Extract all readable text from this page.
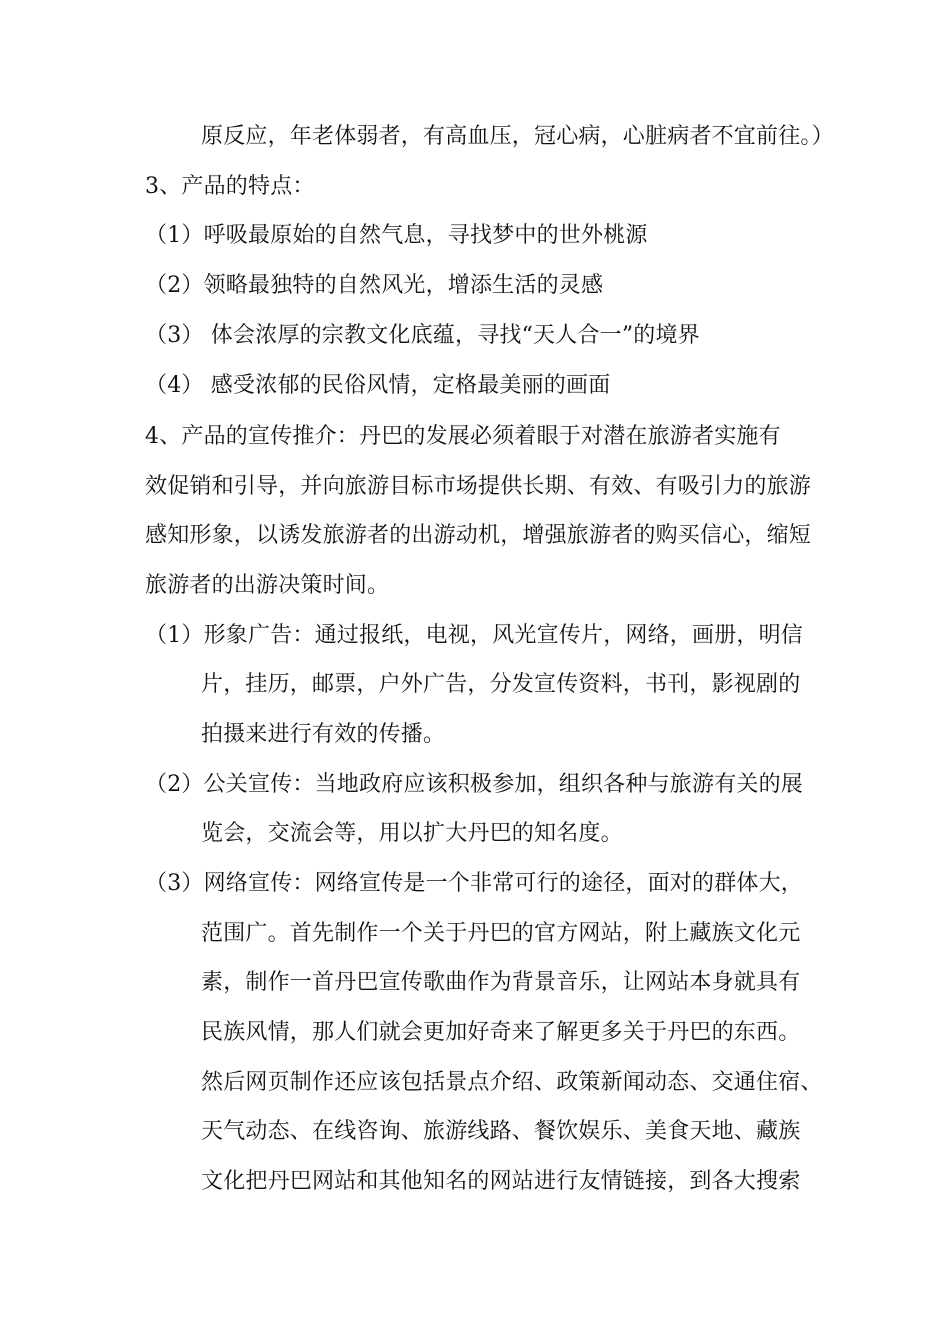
原反应，年老体弱者，有高血压，冠心病，心脏病者不宜前往。）
3、产品的特点：
（1）呼吸最原始的自然气息，寻找梦中的世外桃源
（2）领略最独特的自然风光，增添生活的灵感
（3） 体会浓厚的宗教文化底蕴，寻找“天人合一”的境界
（4） 感受浓郁的民俗风情，定格最美丽的画面
4、产品的宣传推介：丹巴的发展必须着眼于对潜在旅游者实施有
效促销和引导，并向旅游目标市场提供长期、有效、有吸引力的旅游
感知形象，以诱发旅游者的出游动机，增强旅游者的购买信心，缩短
旅游者的出游决策时间。
（1）形象广告：通过报纸，电视，风光宣传片，网络，画册，明信
片，挂历，邮票，户外广告，分发宣传资料，书刊，影视剧的
拍摄来进行有效的传播。
（2）公关宣传：当地政府应该积极参加，组织各种与旅游有关的展
览会，交流会等，用以扩大丹巴的知名度。
（3）网络宣传：网络宣传是一个非常可行的途径，面对的群体大，
范围广。首先制作一个关于丹巴的官方网站，附上藏族文化元
素，制作一首丹巴宣传歌曲作为背景音乐，让网站本身就具有
民族风情，那人们就会更加好奇来了解更多关于丹巴的东西。
然后网页制作还应该包括景点介绍、政策新闻动态、交通住宿、
天气动态、在线咨询、旅游线路、餐饮娱乐、美食天地、藏族
文化把丹巴网站和其他知名的网站进行友情链接，到各大搜索
